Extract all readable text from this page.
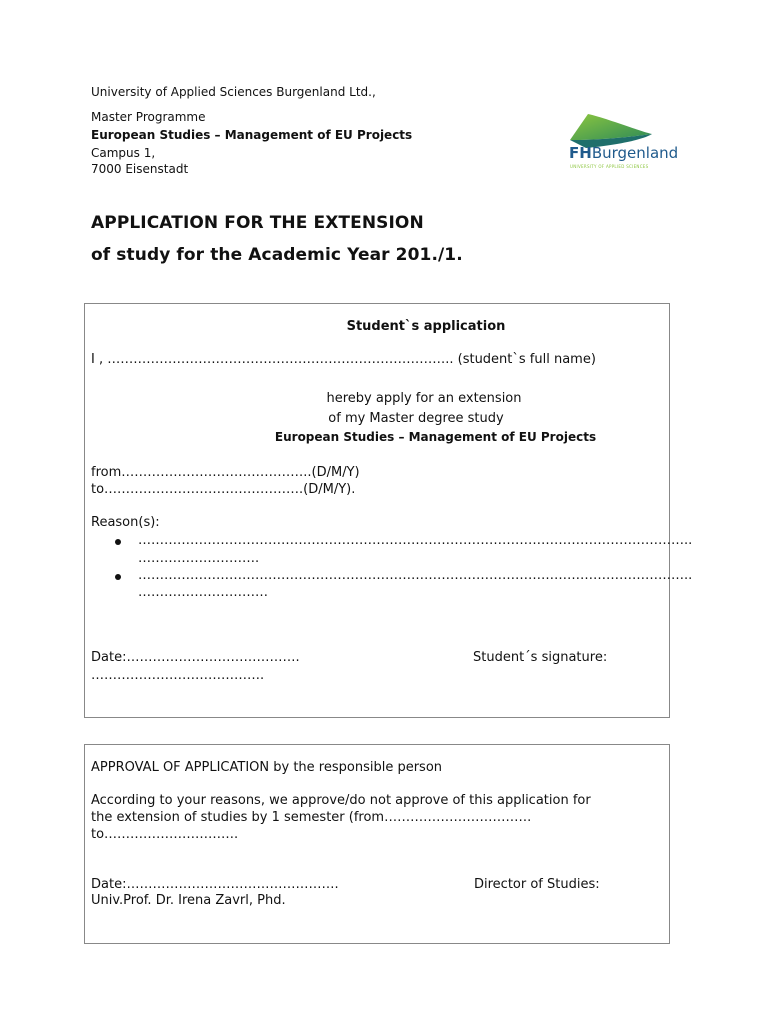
University of Applied Sciences Burgenland Ltd.,
Master Programme
European Studies – Management of EU Projects
Campus 1,
7000 Eisenstadt
FHBurgenland
UNIVERSITY OF APPLIED SCIENCES
APPLICATION FOR THE EXTENSION
of study for the Academic Year 201./1.
Student`s application
I , …………………………………………………………………….. (student`s full name)
hereby apply for an extension
of my Master degree study
European Studies – Management of EU Projects
from……………………………………..(D/M/Y)
to……………………………………….(D/M/Y).
Reason(s):
………………………………………………………………………………………………………………..
……………………….
………………………………………………………………………………………………………………..
…………………………
Date:………………………………….	Student´s signature:
………………………………….
APPROVAL OF APPLICATION by the responsible person
According to your reasons, we approve/do not approve of this application for
the extension of studies by 1 semester (from…………………………….
to………………………….
Date:………………………………………….	Director of Studies:
Univ.Prof. Dr. Irena Zavrl, Phd.
